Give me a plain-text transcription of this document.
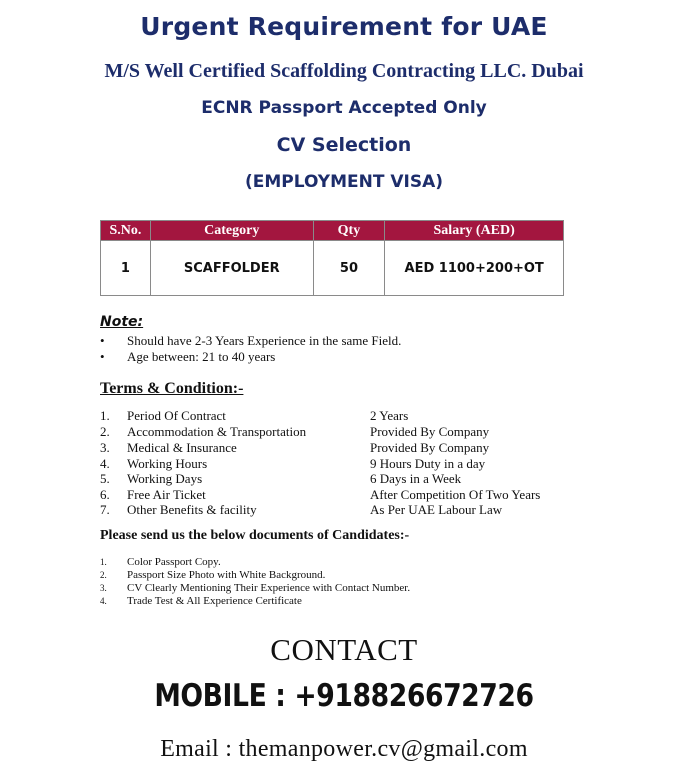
Urgent Requirement for UAE
M/S Well Certified Scaffolding Contracting LLC. Dubai
ECNR Passport Accepted Only
CV Selection
(EMPLOYMENT VISA)
S.No.	Category	Qty	Salary (AED)
1	SCAFFOLDER	50	AED 1100+200+OT
Note:
• Should have 2-3 Years Experience in the same Field.
• Age between: 21 to 40 years
Terms & Condition:-
1. Period Of Contract	2 Years
2. Accommodation & Transportation	Provided By Company
3. Medical & Insurance	Provided By Company
4. Working Hours	9 Hours Duty in a day
5. Working Days	6 Days in a Week
6. Free Air Ticket	After Competition Of Two Years
7. Other Benefits & facility	As Per UAE Labour Law
Please send us the below documents of Candidates:-
1. Color Passport Copy.
2. Passport Size Photo with White Background.
3. CV Clearly Mentioning Their Experience with Contact Number.
4. Trade Test & All Experience Certificate
CONTACT
MOBILE : +918826672726
Email : themanpower.cv@gmail.com
